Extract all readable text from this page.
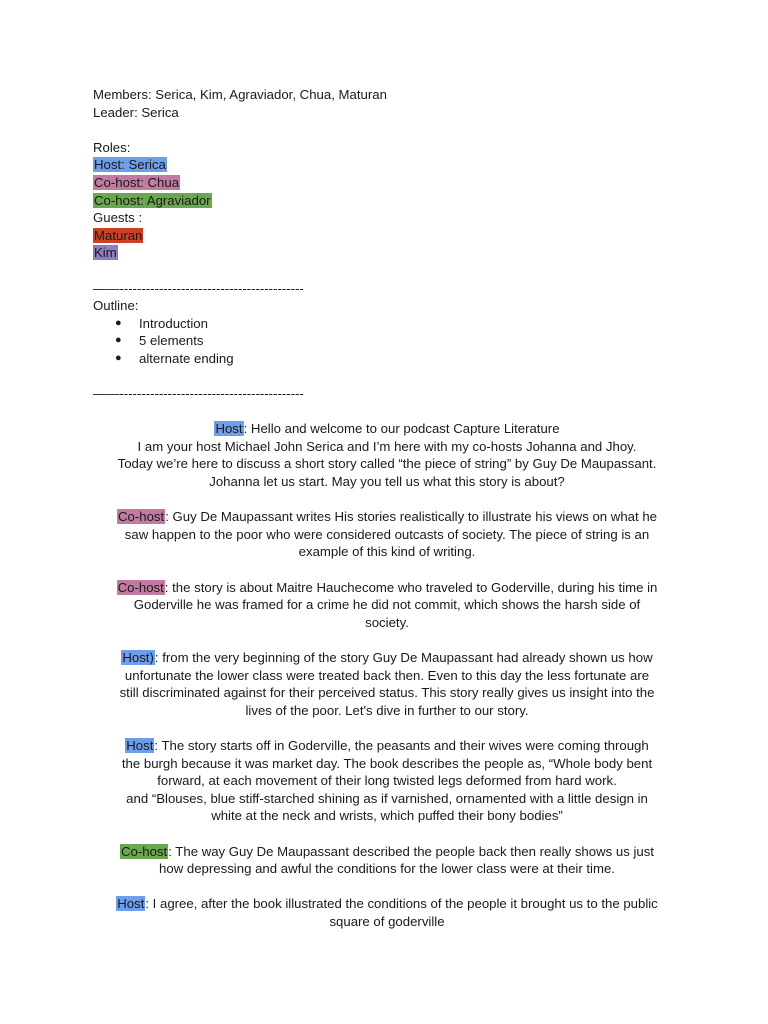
Members: Serica, Kim, Agraviador, Chua, Maturan
Leader: Serica
Roles:
Host: Serica
Co-host: Chua
Co-host: Agraviador
Guests :
Maturan
Kim
——------------------------------------------
Outline:
● Introduction
● 5 elements
● alternate ending
——------------------------------------------

Host: Hello and welcome to our podcast Capture Literature

I am your host Michael John Serica and I’m here with my co-hosts Johanna and Jhoy.

Today we’re here to discuss a short story called “the piece of string” by Guy De Maupassant.

Johanna let us start. May you tell us what this story is about?

Co-host: Guy De Maupassant writes His stories realistically to illustrate his views on what he

saw happen to the poor who were considered outcasts of society. The piece of string is an

example of this kind of writing.

Co-host: the story is about Maitre Hauchecome who traveled to Goderville, during his time in

Goderville he was framed for a crime he did not commit, which shows the harsh side of

society.

Host): from the very beginning of the story Guy De Maupassant had already shown us how

unfortunate the lower class were treated back then. Even to this day the less fortunate are

still discriminated against for their perceived status. This story really gives us insight into the

lives of the poor. Let's dive in further to our story.

Host: The story starts off in Goderville, the peasants and their wives were coming through

the burgh because it was market day. The book describes the people as, “Whole body bent

forward, at each movement of their long twisted legs deformed from hard work.

and “Blouses, blue stiff-starched shining as if varnished, ornamented with a little design in

white at the neck and wrists, which puffed their bony bodies”

Co-host: The way Guy De Maupassant described the people back then really shows us just

how depressing and awful the conditions for the lower class were at their time.

Host: I agree, after the book illustrated the conditions of the people it brought us to the public

square of goderville
